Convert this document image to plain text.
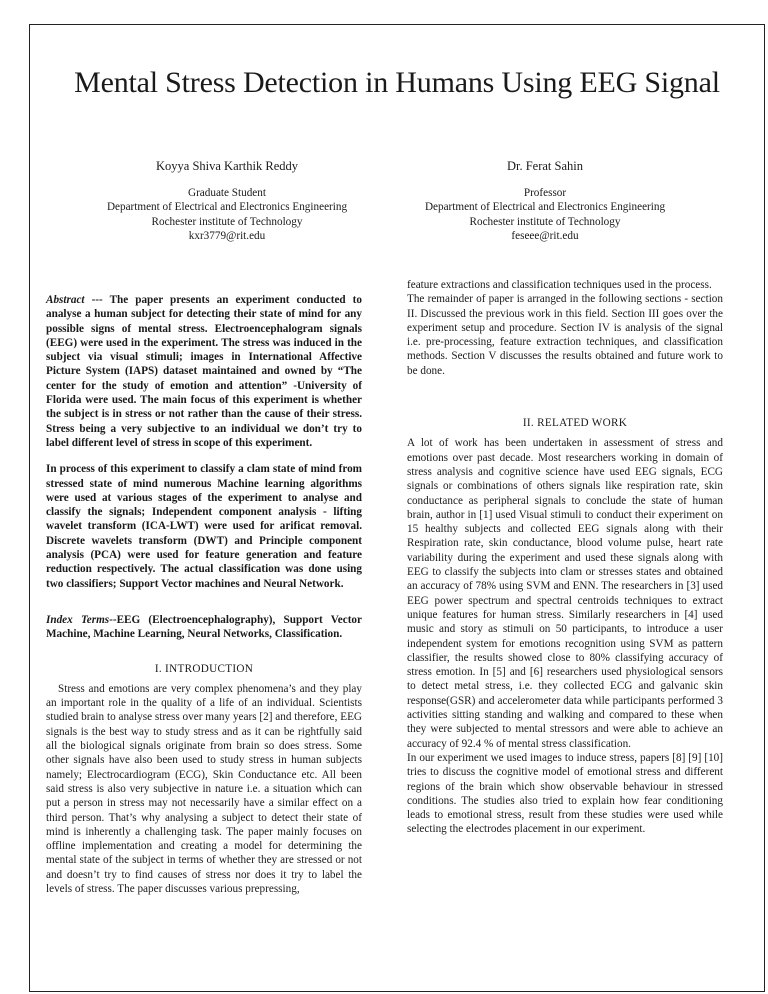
Mental Stress Detection in Humans Using EEG Signal
Koyya Shiva Karthik Reddy
Graduate Student
Department of Electrical and Electronics Engineering
Rochester institute of Technology
kxr3779@rit.edu
Dr. Ferat Sahin
Professor
Department of Electrical and Electronics Engineering
Rochester institute of Technology
feseee@rit.edu

Abstract --- The paper presents an experiment conducted to analyse a human subject for detecting their state of mind for any possible signs of mental stress. Electroencephalogram signals (EEG) were used in the experiment. The stress was induced in the subject via visual stimuli; images in International Affective Picture System (IAPS) dataset maintained and owned by “The center for the study of emotion and attention” -University of Florida were used. The main focus of this experiment is whether the subject is in stress or not rather than the cause of their stress. Stress being a very subjective to an individual we don’t try to label different level of stress in scope of this experiment.

In process of this experiment to classify a clam state of mind from stressed state of mind numerous Machine learning algorithms were used at various stages of the experiment to analyse and classify the signals; Independent component analysis - lifting wavelet transform (ICA-LWT) were used for arificat removal. Discrete wavelets transform (DWT) and Principle component analysis (PCA) were used for feature generation and feature reduction respectively. The actual classification was done using two classifiers; Support Vector machines and Neural Network.

Index Terms--EEG (Electroencephalography), Support Vector Machine, Machine Learning, Neural Networks, Classification.

I. INTRODUCTION

Stress and emotions are very complex phenomena’s and they play an important role in the quality of a life of an individual. Scientists studied brain to analyse stress over many years [2] and therefore, EEG signals is the best way to study stress and as it can be rightfully said all the biological signals originate from brain so does stress. Some other signals have also been used to study stress in human subjects namely; Electrocardiogram (ECG), Skin Conductance etc. All been said stress is also very subjective in nature i.e. a situation which can put a person in stress may not necessarily have a similar effect on a third person. That’s why analysing a subject to detect their state of mind is inherently a challenging task. The paper mainly focuses on offline implementation and creating a model for determining the mental state of the subject in terms of whether they are stressed or not and doesn’t try to find causes of stress nor does it try to label the levels of stress. The paper discusses various prepressing,

feature extractions and classification techniques used in the process.

The remainder of paper is arranged in the following sections - section II. Discussed the previous work in this field. Section III goes over the experiment setup and procedure. Section IV is analysis of the signal i.e. pre-processing, feature extraction techniques, and classification methods. Section V discusses the results obtained and future work to be done.

II. RELATED WORK

A lot of work has been undertaken in assessment of stress and emotions over past decade. Most researchers working in domain of stress analysis and cognitive science have used EEG signals, ECG signals or combinations of others signals like respiration rate, skin conductance as peripheral signals to conclude the state of human brain, author in [1] used Visual stimuli to conduct their experiment on 15 healthy subjects and collected EEG signals along with their Respiration rate, skin conductance, blood volume pulse, heart rate variability during the experiment and used these signals along with EEG to classify the subjects into clam or stresses states and obtained an accuracy of 78% using SVM and ENN. The researchers in [3] used EEG power spectrum and spectral centroids techniques to extract unique features for human stress. Similarly researchers in [4] used music and story as stimuli on 50 participants, to introduce a user independent system for emotions recognition using SVM as pattern classifier, the results showed close to 80% classifying accuracy of stress emotion. In [5] and [6] researchers used physiological sensors to detect metal stress, i.e. they collected ECG and galvanic skin response(GSR) and accelerometer data while participants performed 3 activities sitting standing and walking and compared to these when they were subjected to mental stressors and were able to achieve an accuracy of 92.4 % of mental stress classification.

In our experiment we used images to induce stress, papers [8] [9] [10] tries to discuss the cognitive model of emotional stress and different regions of the brain which show observable behaviour in stressed conditions. The studies also tried to explain how fear conditioning leads to emotional stress, result from these studies were used while selecting the electrodes placement in our experiment.
